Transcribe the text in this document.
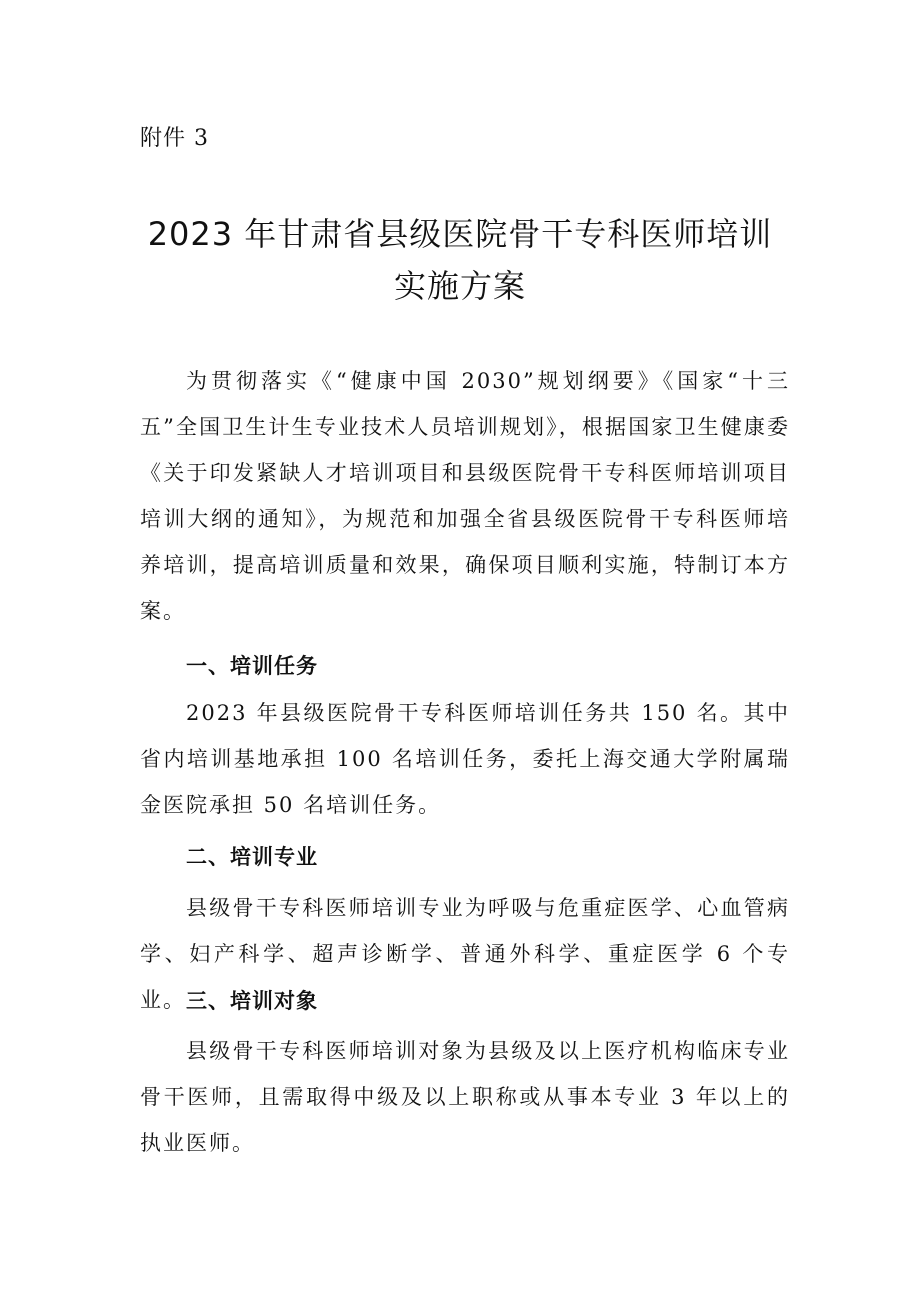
附件 3
2023 年甘肃省县级医院骨干专科医师培训
实施方案

为贯彻落实《“健康中国 2030”规划纲要》《国家“十三五”全国卫生计生专业技术人员培训规划》，根据国家卫生健康委《关于印发紧缺人才培训项目和县级医院骨干专科医师培训项目培训大纲的通知》，为规范和加强全省县级医院骨干专科医师培养培训，提高培训质量和效果，确保项目顺利实施，特制订本方案。

一、培训任务

2023 年县级医院骨干专科医师培训任务共 150 名。其中省内培训基地承担 100 名培训任务，委托上海交通大学附属瑞金医院承担 50 名培训任务。

二、培训专业

县级骨干专科医师培训专业为呼吸与危重症医学、心血管病学、妇产科学、超声诊断学、普通外科学、重症医学 6 个专业。 三、培训对象

县级骨干专科医师培训对象为县级及以上医疗机构临床专业骨干医师，且需取得中级及以上职称或从事本专业 3 年以上的执业医师。
